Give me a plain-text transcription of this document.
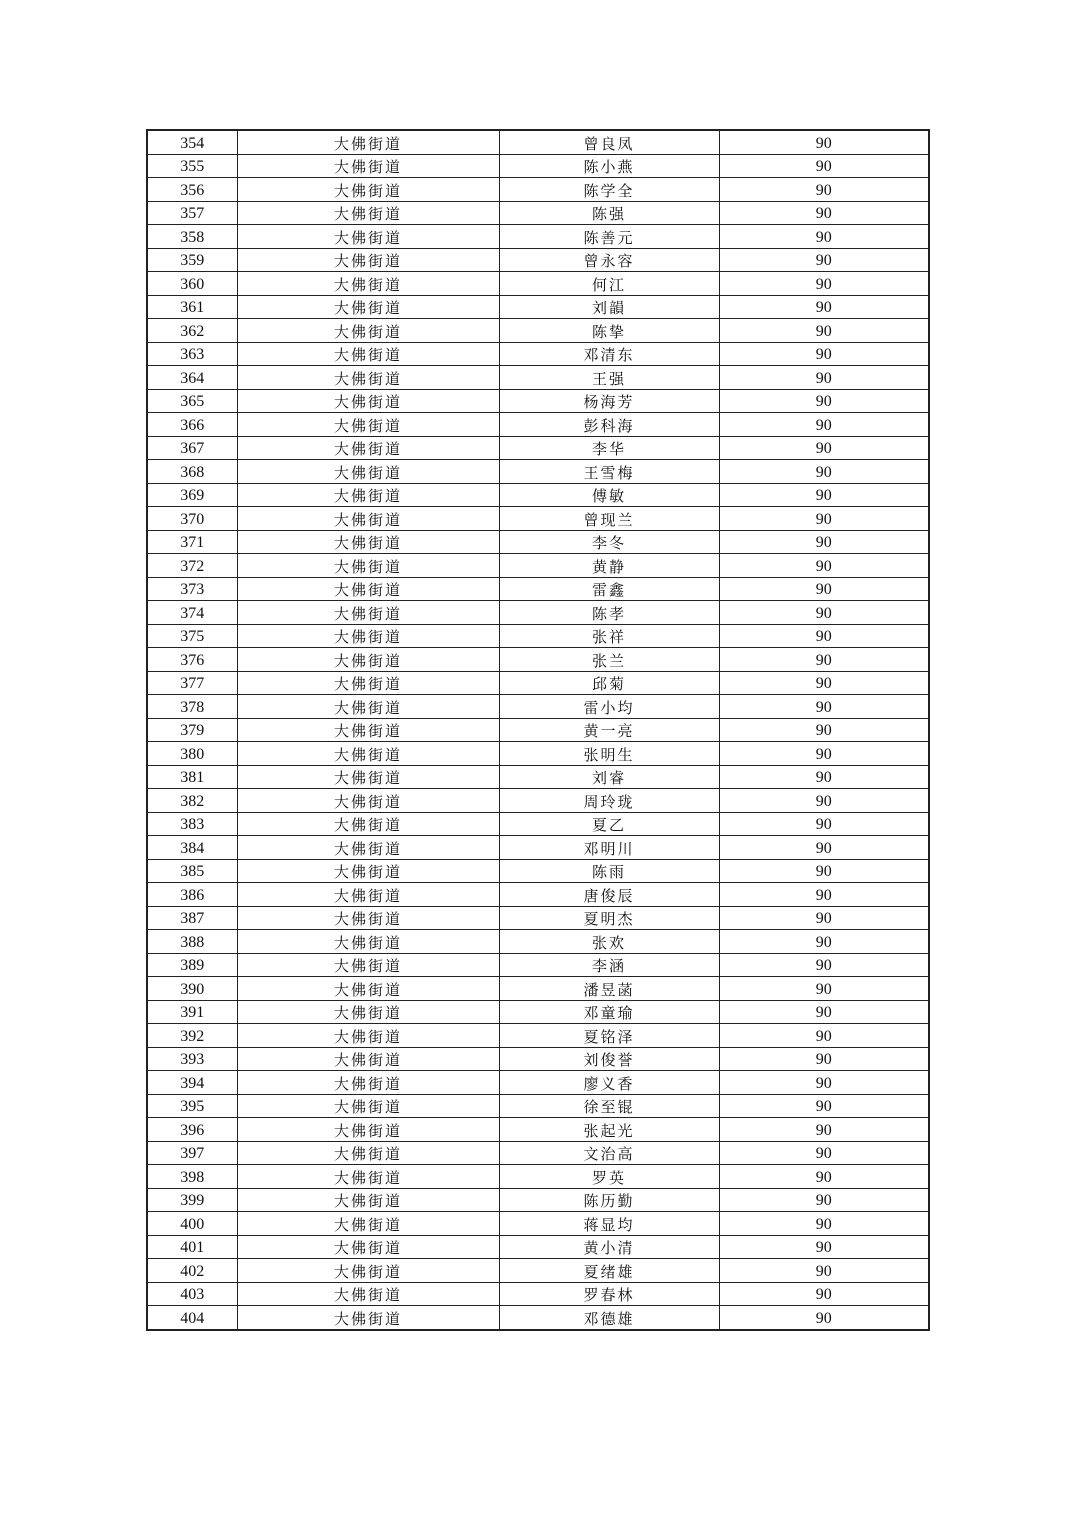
354	大佛街道	曾良凤	90
355	大佛街道	陈小燕	90
356	大佛街道	陈学全	90
357	大佛街道	陈强	90
358	大佛街道	陈善元	90
359	大佛街道	曾永容	90
360	大佛街道	何江	90
361	大佛街道	刘韻	90
362	大佛街道	陈挚	90
363	大佛街道	邓清东	90
364	大佛街道	王强	90
365	大佛街道	杨海芳	90
366	大佛街道	彭科海	90
367	大佛街道	李华	90
368	大佛街道	王雪梅	90
369	大佛街道	傅敏	90
370	大佛街道	曾现兰	90
371	大佛街道	李冬	90
372	大佛街道	黄静	90
373	大佛街道	雷鑫	90
374	大佛街道	陈孝	90
375	大佛街道	张祥	90
376	大佛街道	张兰	90
377	大佛街道	邱菊	90
378	大佛街道	雷小均	90
379	大佛街道	黄一亮	90
380	大佛街道	张明生	90
381	大佛街道	刘睿	90
382	大佛街道	周玲珑	90
383	大佛街道	夏乙	90
384	大佛街道	邓明川	90
385	大佛街道	陈雨	90
386	大佛街道	唐俊辰	90
387	大佛街道	夏明杰	90
388	大佛街道	张欢	90
389	大佛街道	李涵	90
390	大佛街道	潘昱菡	90
391	大佛街道	邓童瑜	90
392	大佛街道	夏铭泽	90
393	大佛街道	刘俊誉	90
394	大佛街道	廖义香	90
395	大佛街道	徐至锟	90
396	大佛街道	张起光	90
397	大佛街道	文治高	90
398	大佛街道	罗英	90
399	大佛街道	陈历勤	90
400	大佛街道	蒋显均	90
401	大佛街道	黄小清	90
402	大佛街道	夏绪雄	90
403	大佛街道	罗春林	90
404	大佛街道	邓德雄	90
